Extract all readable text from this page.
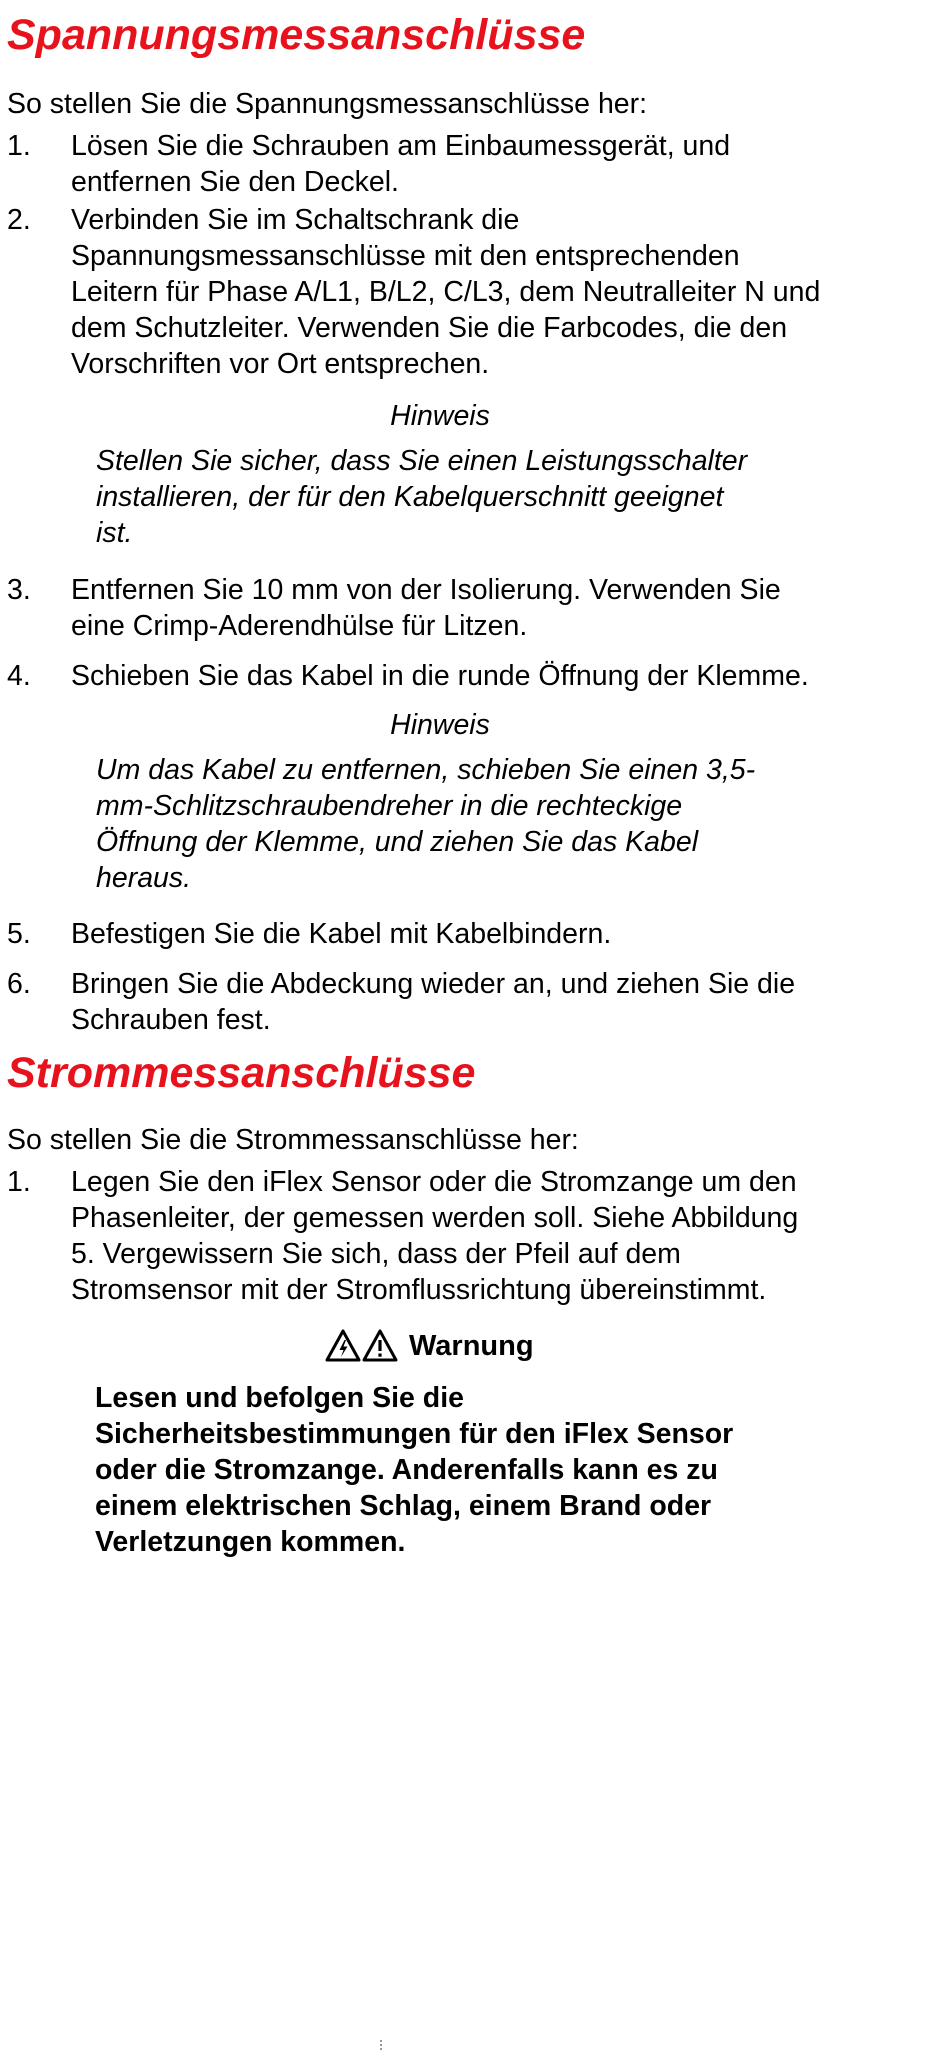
Spannungsmessanschlüsse

So stellen Sie die Spannungsmessanschlüsse her:

1. Lösen Sie die Schrauben am Einbaumessgerät, und
entfernen Sie den Deckel.
2. Verbinden Sie im Schaltschrank die
Spannungsmessanschlüsse mit den entsprechenden
Leitern für Phase A/L1, B/L2, C/L3, dem Neutralleiter N und
dem Schutzleiter. Verwenden Sie die Farbcodes, die den
Vorschriften vor Ort entsprechen.
Hinweis
Stellen Sie sicher, dass Sie einen Leistungsschalter
installieren, der für den Kabelquerschnitt geeignet
ist.
3. Entfernen Sie 10 mm von der Isolierung. Verwenden Sie
eine Crimp-Aderendhülse für Litzen.
4. Schieben Sie das Kabel in die runde Öffnung der Klemme.
Hinweis
Um das Kabel zu entfernen, schieben Sie einen 3,5-
mm-Schlitzschraubendreher in die rechteckige
Öffnung der Klemme, und ziehen Sie das Kabel
heraus.
5. Befestigen Sie die Kabel mit Kabelbindern.
6. Bringen Sie die Abdeckung wieder an, und ziehen Sie die
Schrauben fest.
Strommessanschlüsse

So stellen Sie die Strommessanschlüsse her:

1. Legen Sie den iFlex Sensor oder die Stromzange um den
Phasenleiter, der gemessen werden soll. Siehe Abbildung
5. Vergewissern Sie sich, dass der Pfeil auf dem
Stromsensor mit der Stromflussrichtung übereinstimmt.
Warnung
Lesen und befolgen Sie die
Sicherheitsbestimmungen für den iFlex Sensor
oder die Stromzange. Anderenfalls kann es zu
einem elektrischen Schlag, einem Brand oder
Verletzungen kommen.
